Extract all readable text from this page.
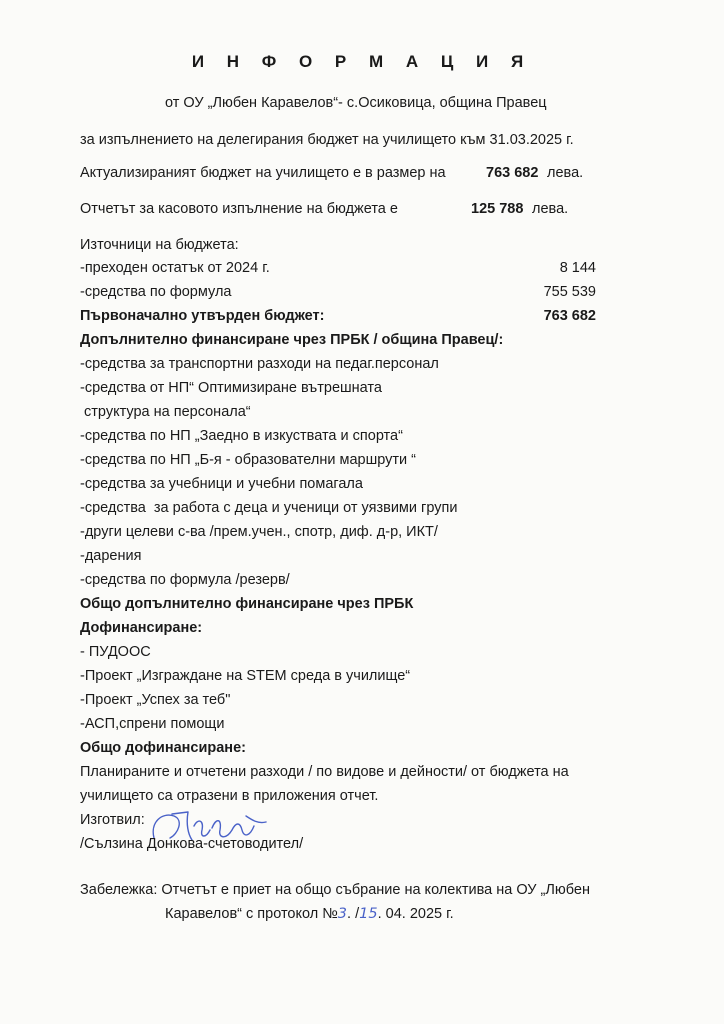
И Н Ф О Р М А Ц И Я
от ОУ „Любен Каравелов“- с.Осиковица, община Правец
за изпълнението на делегирания бюджет на училището към 31.03.2025 г.
Актуализираният бюджет на училището е в размер на	763 682 лева.
Отчетът за касовото изпълнение на бюджета е	125 788 лева.
Източници на бюджета:
-преходен остатък от 2024 г.	8 144
-средства по формула	755 539
Първоначално утвърден бюджет:	763 682
Допълнително финансиране чрез ПРБК / община Правец/:
-средства за транспортни разходи на педаг.персонал
-средства от НП“ Оптимизиране вътрешната
структура на персонала“
-средства по НП „Заедно в изкуствата и спорта“
-средства по НП „Б-я - образователни маршрути “
-средства за учебници и учебни помагала
-средства  за работа с деца и ученици от уязвими групи
-други целеви с-ва /прем.учен., спотр, диф. д-р, ИКТ/
-дарения
-средства по формула /резерв/
Общо допълнително финансиране чрез ПРБК
Дофинансиране:
- ПУДООС
-Проект „Изграждане на STEM среда в училище“
-Проект „Успех за теб"
-АСП,спрени помощи
Общо дофинансиране:
Планираните и отчетени разходи / по видове и дейности/ от бюджета на
училището са отразени в приложения отчет.
Изготвил:
/Сълзина Донкова-счетоводител/
Забележка: Отчетът е приет на общо събрание на колектива на ОУ „Любен
Каравелов“ с протокол №3. /15. 04. 2025 г.
